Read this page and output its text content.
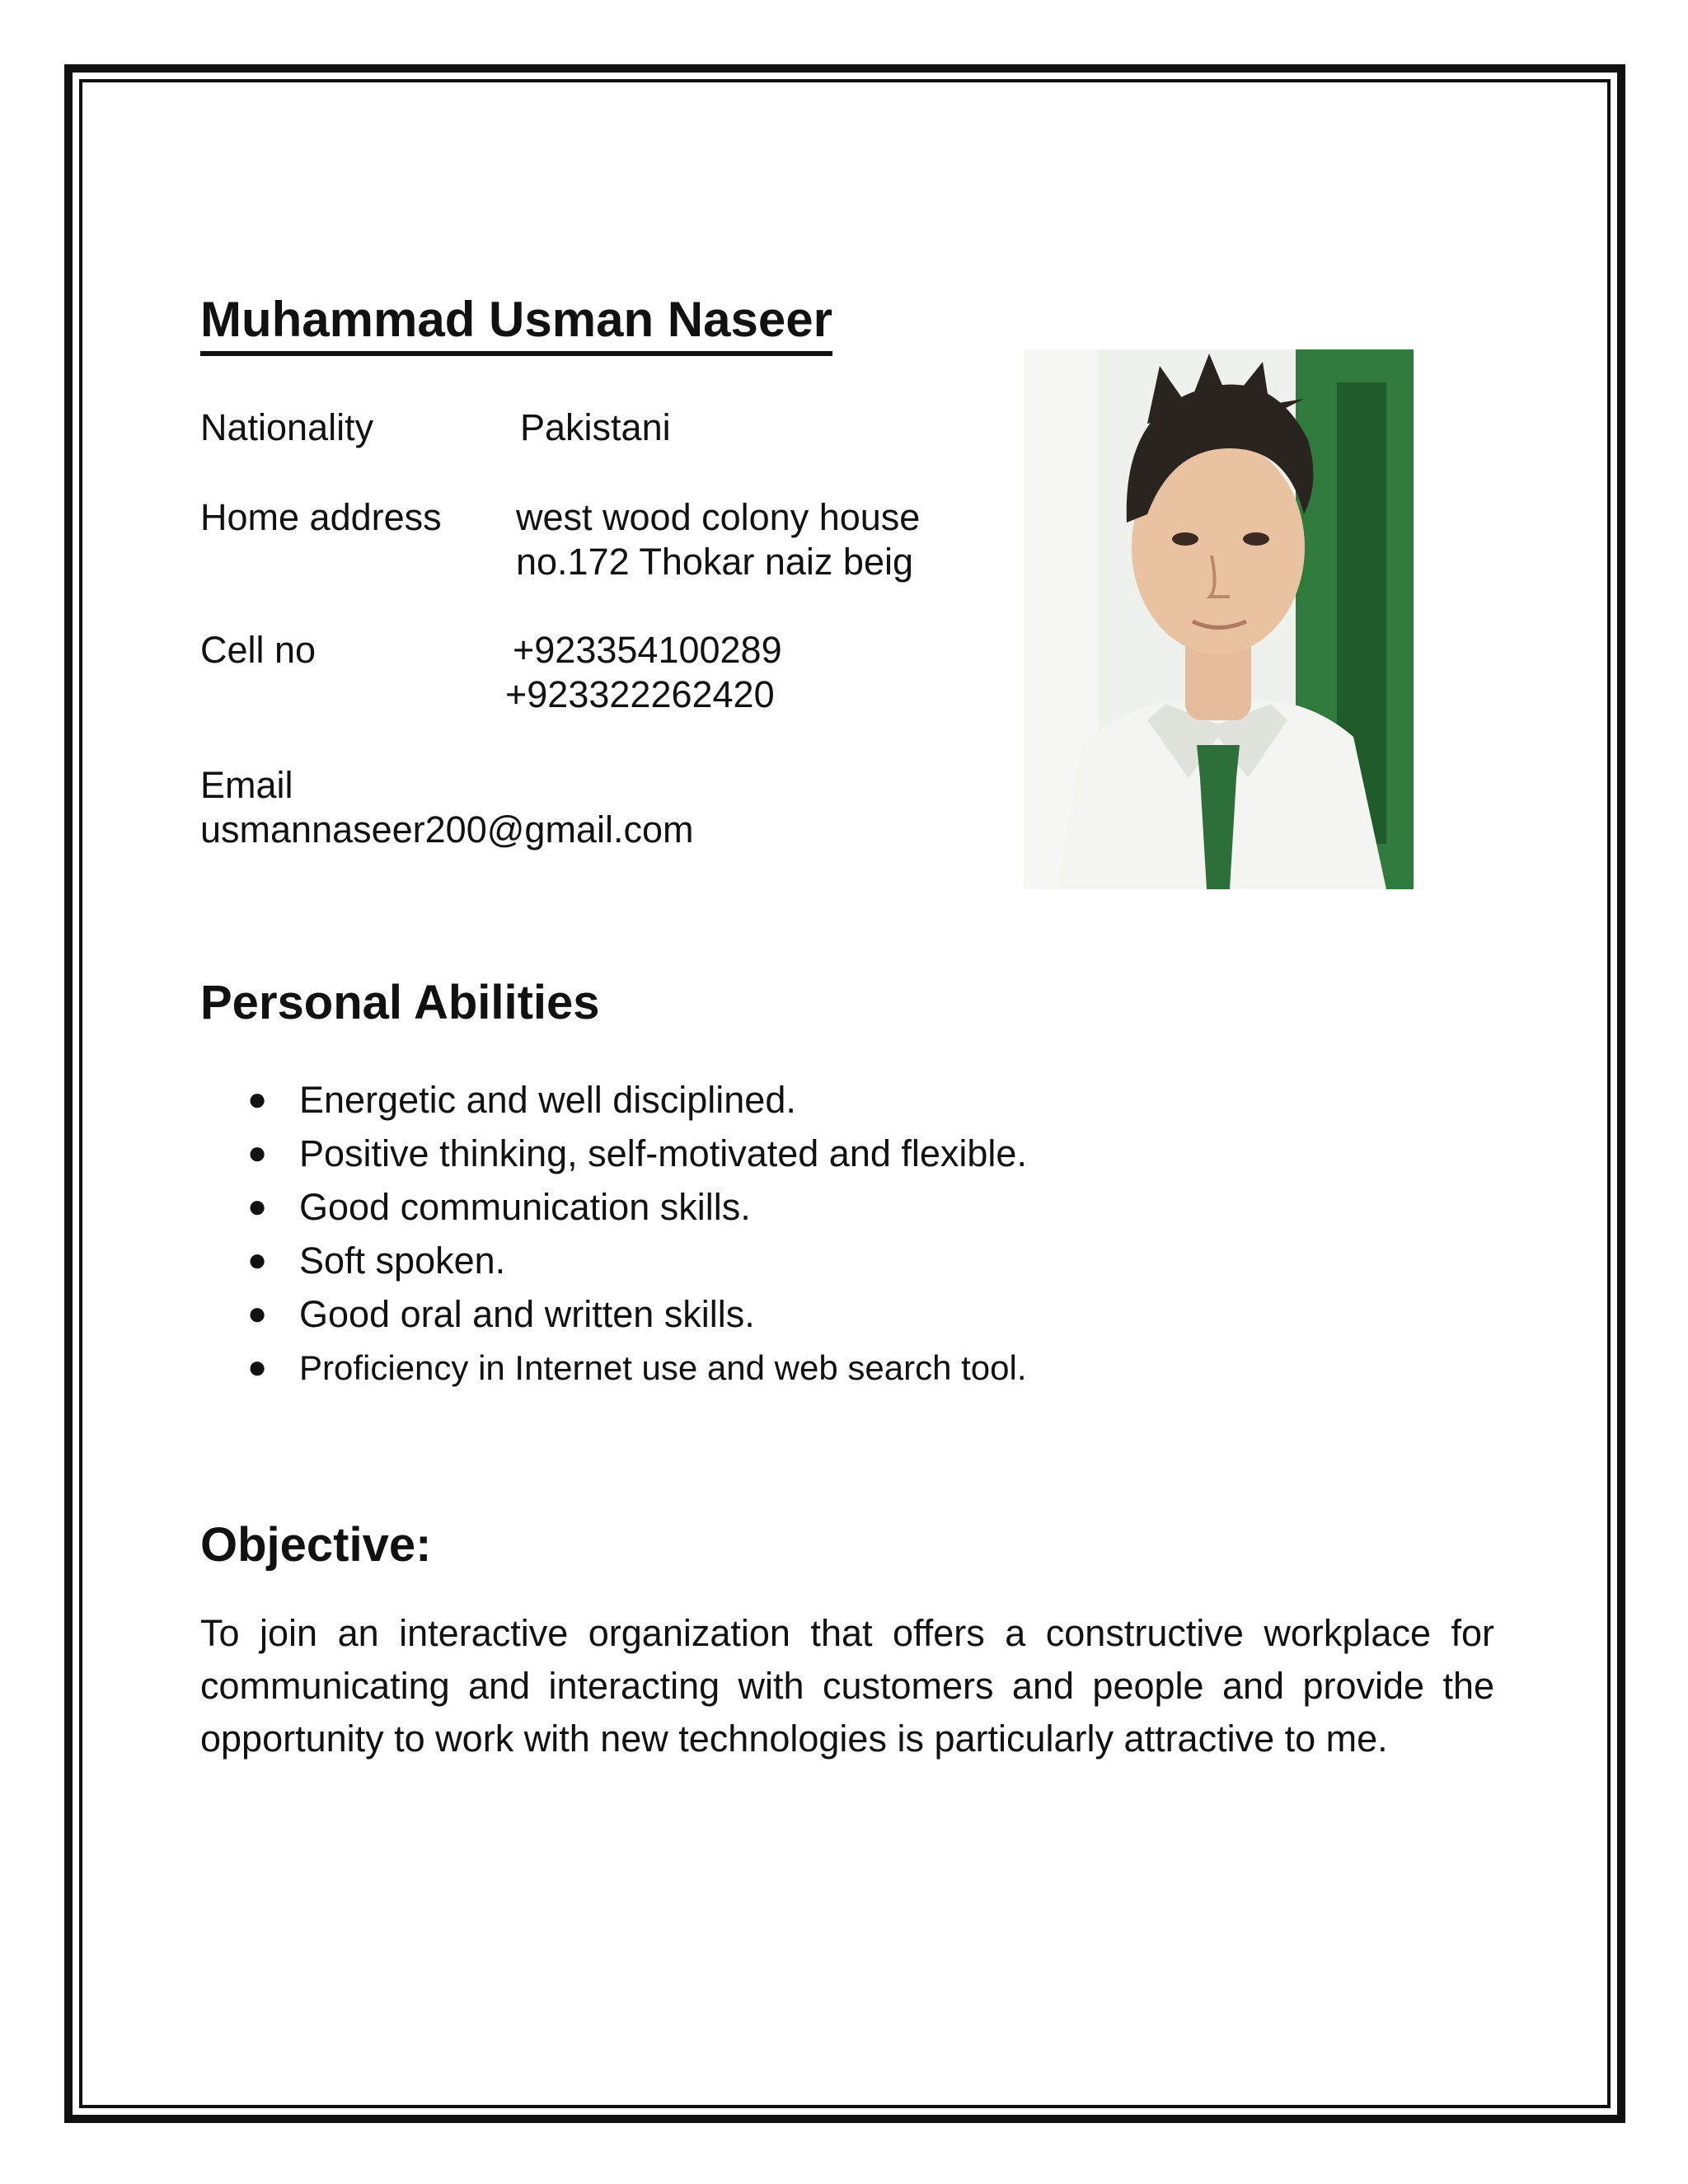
Muhammad Usman Naseer
Nationality	Pakistani
Home address west wood colony house
no.172 Thokar naiz beig
Cell no	+923354100289
+923322262420
Email
usmannaseer200@gmail.com
Personal Abilities
● Energetic and well disciplined.
● Positive thinking, self-motivated and flexible.
● Good communication skills.
● Soft spoken.
● Good oral and written skills.
● Proficiency in Internet use and web search tool.
Objective:

To join an interactive organization that offers a constructive workplace for communicating and interacting with customers and people and provide the opportunity to work with new technologies is particularly attractive to me.
